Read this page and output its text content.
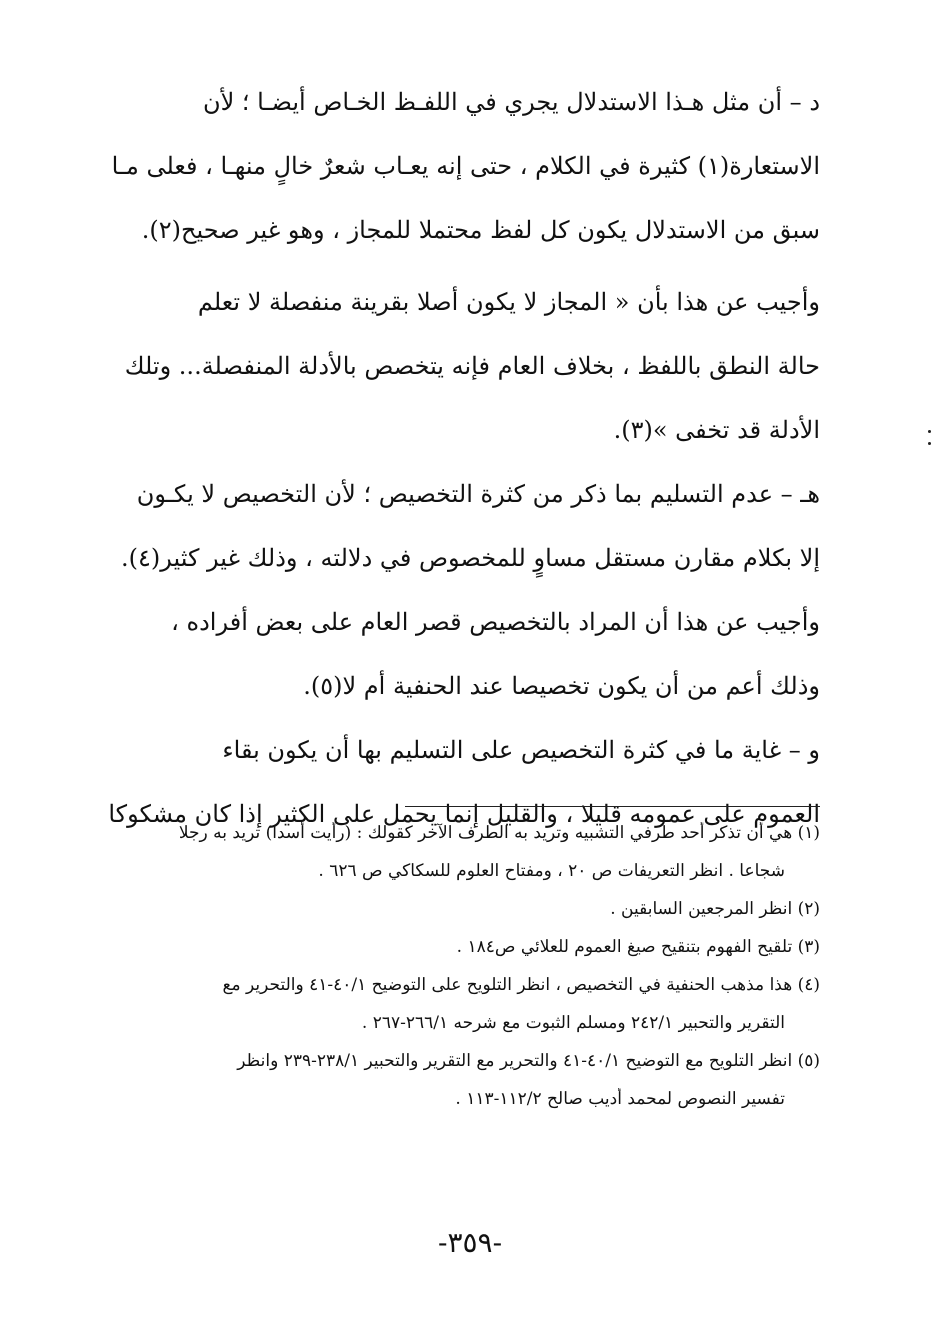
د – أن مثل هـذا الاستدلال يجري في اللفـظ الخـاص أيضـا ؛ لأن
الاستعارة(١) كثيرة في الكلام ، حتى إنه يعـاب شعرٌ خالٍ منهـا ، فعلى مـا
سبق من الاستدلال يكون كل لفظ محتملا للمجاز ، وهو غير صحيح(٢).
وأجيب عن هذا بأن « المجاز لا يكون أصلا بقرينة منفصلة لا تعلم
حالة النطق باللفظ ، بخلاف العام فإنه يتخصص بالأدلة المنفصلة... وتلك
الأدلة قد تخفى »(٣).
هـ – عدم التسليم بما ذكر من كثرة التخصيص ؛ لأن التخصيص لا يكـون
إلا بكلام مقارن مستقل مساوٍ للمخصوص في دلالته ، وذلك غير كثير(٤).
وأجيب عن هذا أن المراد بالتخصيص قصر العام على بعض أفراده ،
وذلك أعم من أن يكون تخصيصا عند الحنفية أم لا(٥).
و – غاية ما في كثرة التخصيص على التسليم بها أن يكون بقاء
العموم على عمومه قليلا ، والقليل إنما يحمل على الكثير إذا كان مشكوكا
(١) هي أن تذكر أحد طرفي التشبيه وتريد به الطرف الآخر كقولك : (رأيت أسدا) تريد به رجلا
شجاعا . انظر التعريفات ص ٢٠ ، ومفتاح العلوم للسكاكي ص ٦٢٦ .
(٢) انظر المرجعين السابقين .
(٣) تلقيح الفهوم بتنقيح صيغ العموم للعلائي ص١٨٤ .
(٤) هذا مذهب الحنفية في التخصيص ، انظر التلويح على التوضيح ٤٠/١-٤١ والتحرير مع
التقرير والتحبير ٢٤٢/١ ومسلم الثبوت مع شرحه ٢٦٦/١-٢٦٧ .
(٥) انظر التلويح مع التوضيح ٤٠/١-٤١ والتحرير مع التقرير والتحبير ٢٣٨/١-٢٣٩ وانظر
تفسير النصوص لمحمد أديب صالح ١١٢/٢-١١٣ .
-٣٥٩-
